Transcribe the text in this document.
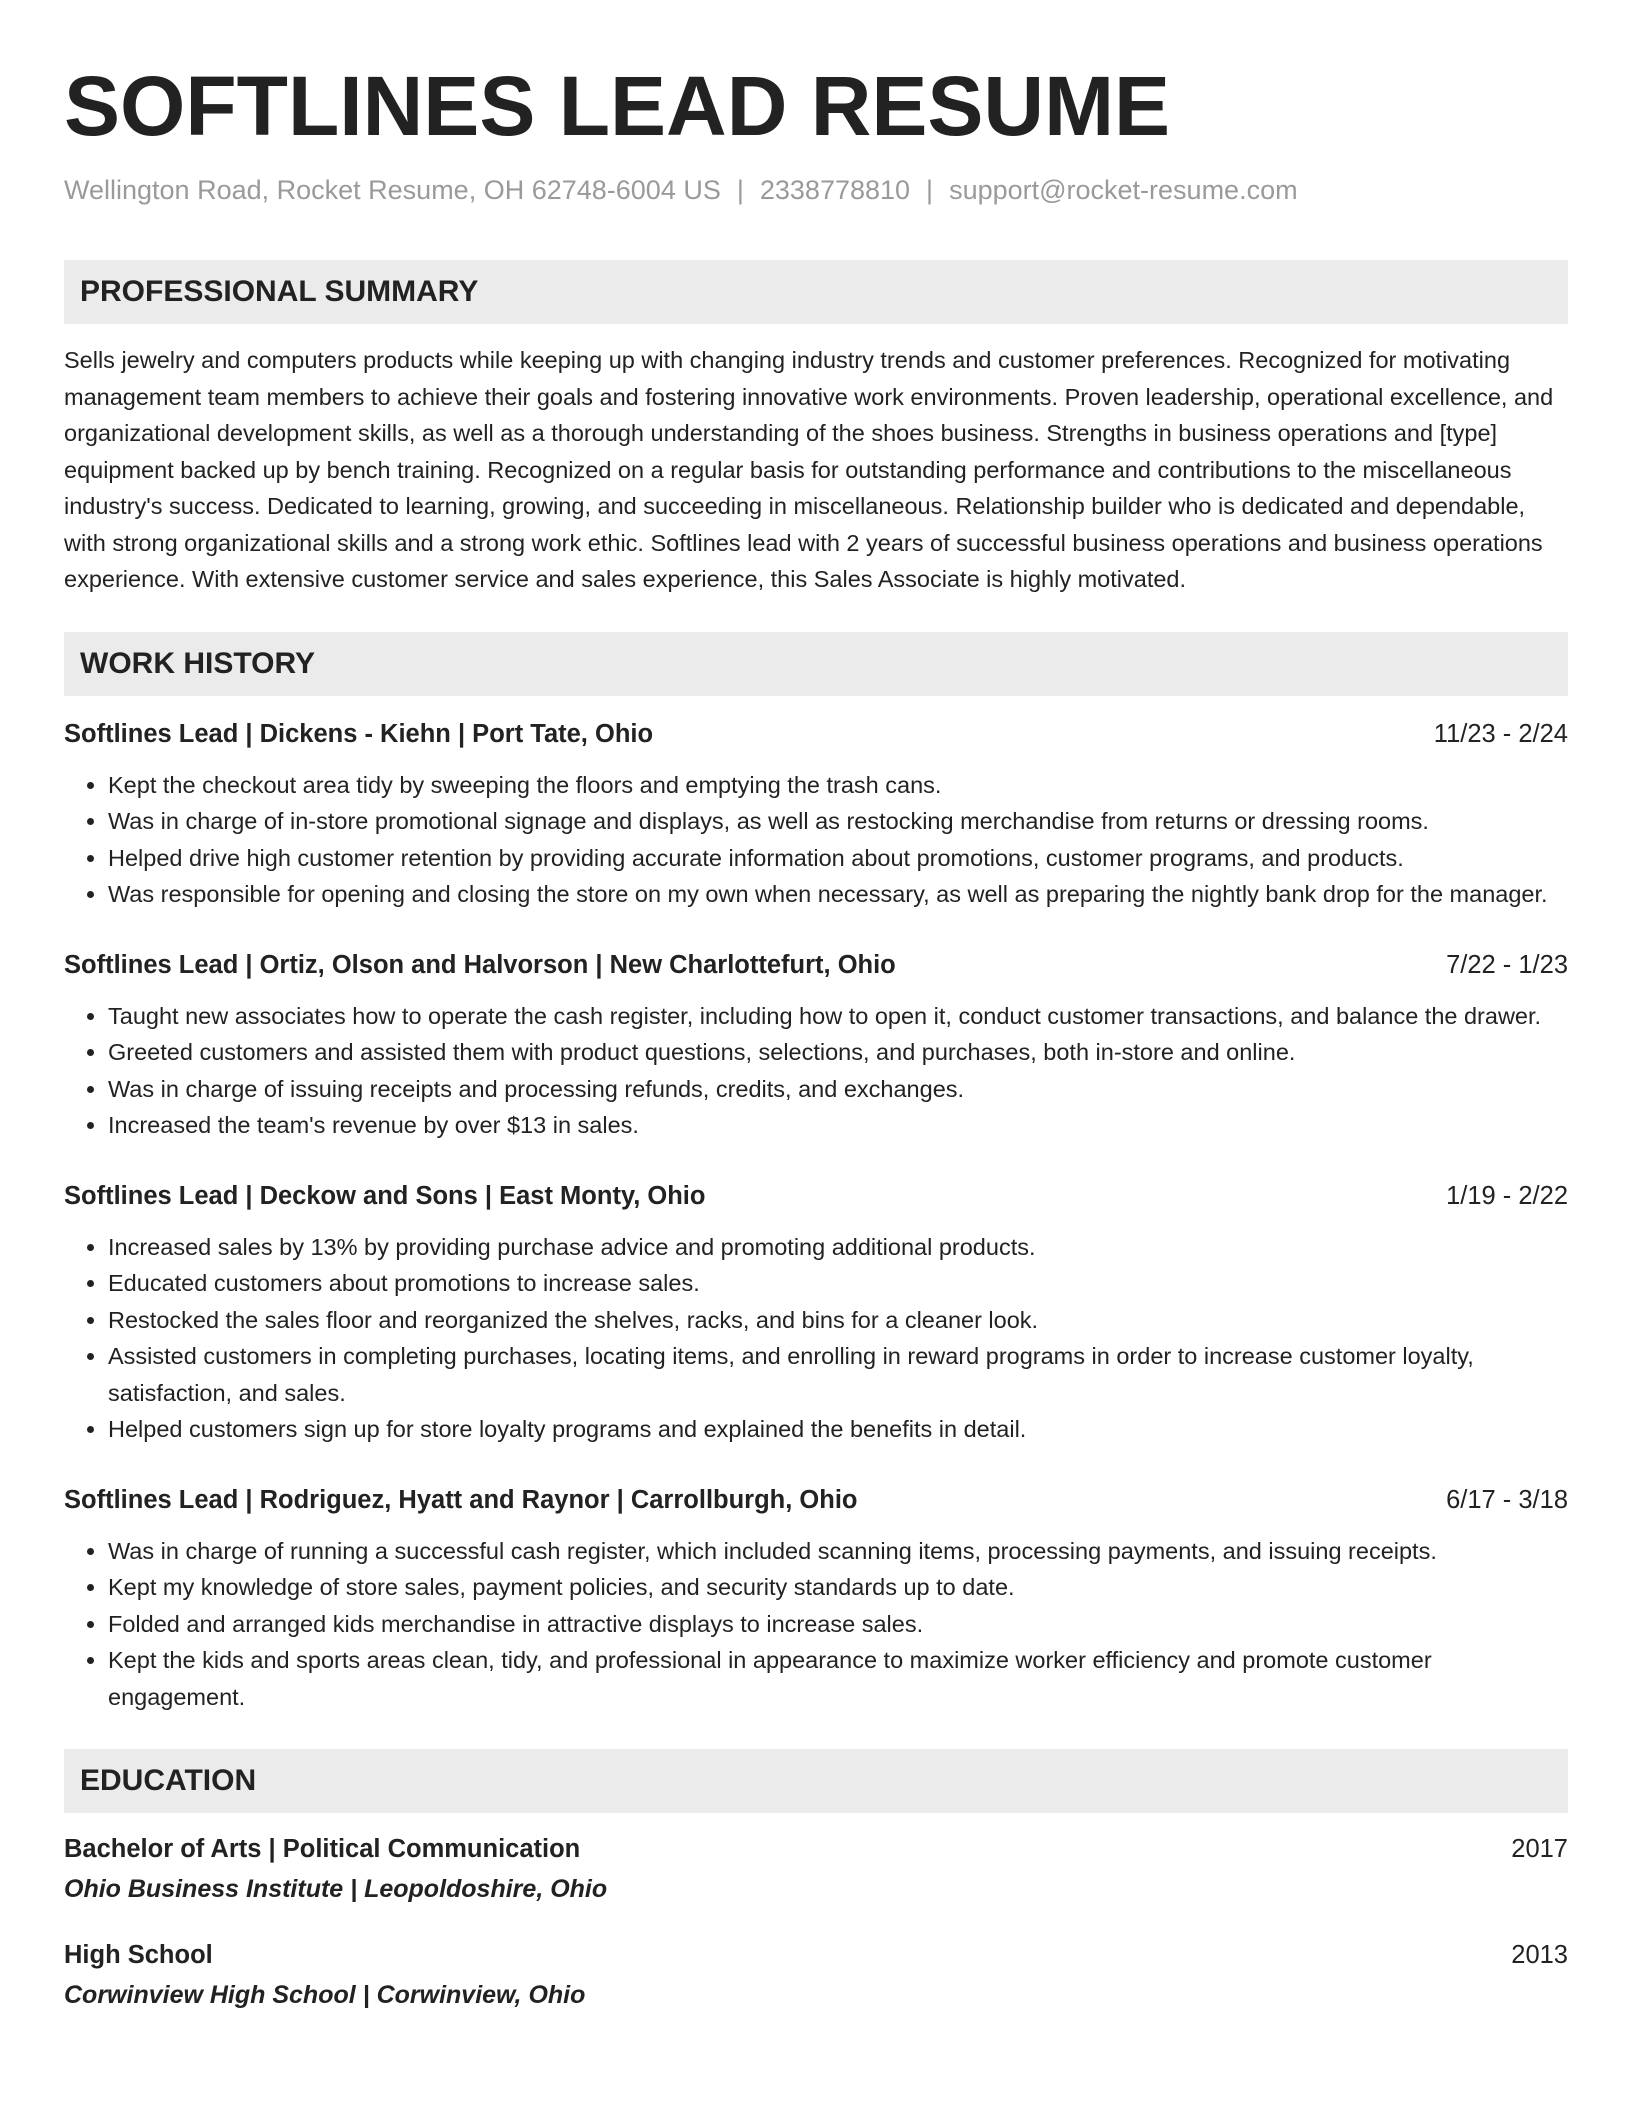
SOFTLINES LEAD RESUME
Wellington Road, Rocket Resume, OH 62748-6004 US | 2338778810 | support@rocket-resume.com
PROFESSIONAL SUMMARY
Sells jewelry and computers products while keeping up with changing industry trends and customer preferences. Recognized for motivating management team members to achieve their goals and fostering innovative work environments. Proven leadership, operational excellence, and organizational development skills, as well as a thorough understanding of the shoes business. Strengths in business operations and [type] equipment backed up by bench training. Recognized on a regular basis for outstanding performance and contributions to the miscellaneous industry's success. Dedicated to learning, growing, and succeeding in miscellaneous. Relationship builder who is dedicated and dependable, with strong organizational skills and a strong work ethic. Softlines lead with 2 years of successful business operations and business operations experience. With extensive customer service and sales experience, this Sales Associate is highly motivated.
WORK HISTORY
Softlines Lead | Dickens - Kiehn | Port Tate, Ohio	11/23 - 2/24
• Kept the checkout area tidy by sweeping the floors and emptying the trash cans.
• Was in charge of in-store promotional signage and displays, as well as restocking merchandise from returns or dressing rooms.
• Helped drive high customer retention by providing accurate information about promotions, customer programs, and products.
• Was responsible for opening and closing the store on my own when necessary, as well as preparing the nightly bank drop for the manager.
Softlines Lead | Ortiz, Olson and Halvorson | New Charlottefurt, Ohio	7/22 - 1/23
• Taught new associates how to operate the cash register, including how to open it, conduct customer transactions, and balance the drawer.
• Greeted customers and assisted them with product questions, selections, and purchases, both in-store and online.
• Was in charge of issuing receipts and processing refunds, credits, and exchanges.
• Increased the team's revenue by over $13 in sales.
Softlines Lead | Deckow and Sons | East Monty, Ohio	1/19 - 2/22
• Increased sales by 13% by providing purchase advice and promoting additional products.
• Educated customers about promotions to increase sales.
• Restocked the sales floor and reorganized the shelves, racks, and bins for a cleaner look.
• Assisted customers in completing purchases, locating items, and enrolling in reward programs in order to increase customer loyalty, satisfaction, and sales.
• Helped customers sign up for store loyalty programs and explained the benefits in detail.
Softlines Lead | Rodriguez, Hyatt and Raynor | Carrollburgh, Ohio	6/17 - 3/18
• Was in charge of running a successful cash register, which included scanning items, processing payments, and issuing receipts.
• Kept my knowledge of store sales, payment policies, and security standards up to date.
• Folded and arranged kids merchandise in attractive displays to increase sales.
• Kept the kids and sports areas clean, tidy, and professional in appearance to maximize worker efficiency and promote customer engagement.
EDUCATION
Bachelor of Arts | Political Communication	2017
Ohio Business Institute | Leopoldoshire, Ohio
High School	2013
Corwinview High School | Corwinview, Ohio
